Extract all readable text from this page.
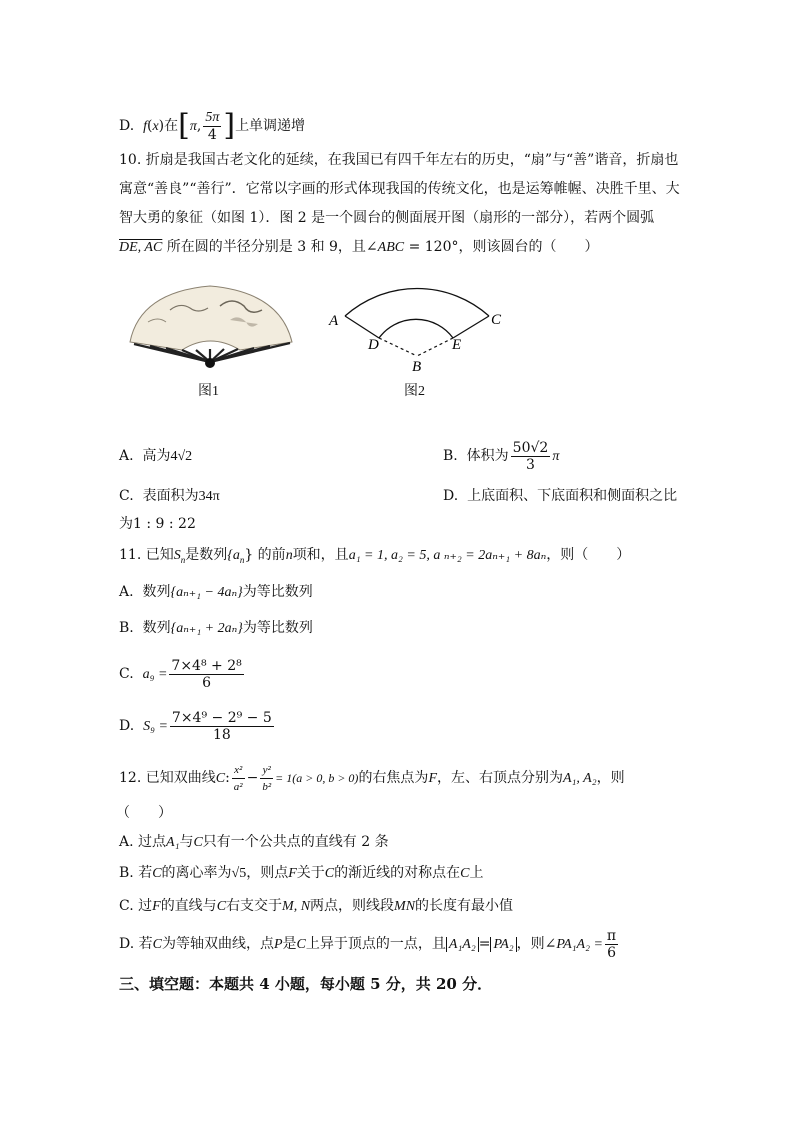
D. f(x)在[π, $\frac{5\pi}{4}$ ]上单调递增
10. 折扇是我国古老文化的延续，在我国已有四千年左右的历史，“扇”与“善”谐音，折扇也
寓意“善良”“善行”．它常以字画的形式体现我国的传统文化，也是运筹帷幄、决胜千里、大
智大勇的象征（如图 1）．图 2 是一个圆台的侧面展开图（扇形的一部分），若两个圆弧
DE, AC 所在圆的半径分别是 3 和 9，且∠ABC = 120°，则该圆台的（　　）
图1
A	C
D	E
B
图2
A. 高为4√2	B. 体积为 $\frac{50√2}{3}$ π
C. 表面积为34π	D. 上底面积、下底面积和侧面积之比
为1 : 9 : 22
11. 已知$S_n$是数列$\{a_n\}$ 的前n项和，且a₁ = 1, a₂ = 5, a ₙ₊₂ = 2aₙ₊₁ + 8aₙ，则（　　）
A. 数列{aₙ₊₁ − 4aₙ}为等比数列
B. 数列{aₙ₊₁ + 2aₙ}为等比数列
C. $a_9 = \frac{\text{7×4⁸ + 2⁸}}{6}$
D. $S_9 = \frac{\text{7×4⁹ − 2⁹ − 5}}{18}$
12. 已知双曲线C: $\frac{\text{x²}}{\text{a²}} - \frac{\text{y²}}{\text{b²}} = 1(a > 0$, b > 0)的右焦点为F，左、右顶点分别为A₁, A₂，则
（　　）
A. 过点A₁与C只有一个公共点的直线有 2 条
B. 若C的离心率为√5，则点F关于C的渐近线的对称点在C上
C. 过F的直线与C右支交于M, N两点，则线段MN的长度有最小值
D. 若C为等轴双曲线，点P是C上异于顶点的一点，且 A₁A₂ = PA₂ ，则∠PA₁A₂ = $\frac{\pi}{6}$
三、填空题：本题共 4 小题，每小题 5 分，共 20 分．
